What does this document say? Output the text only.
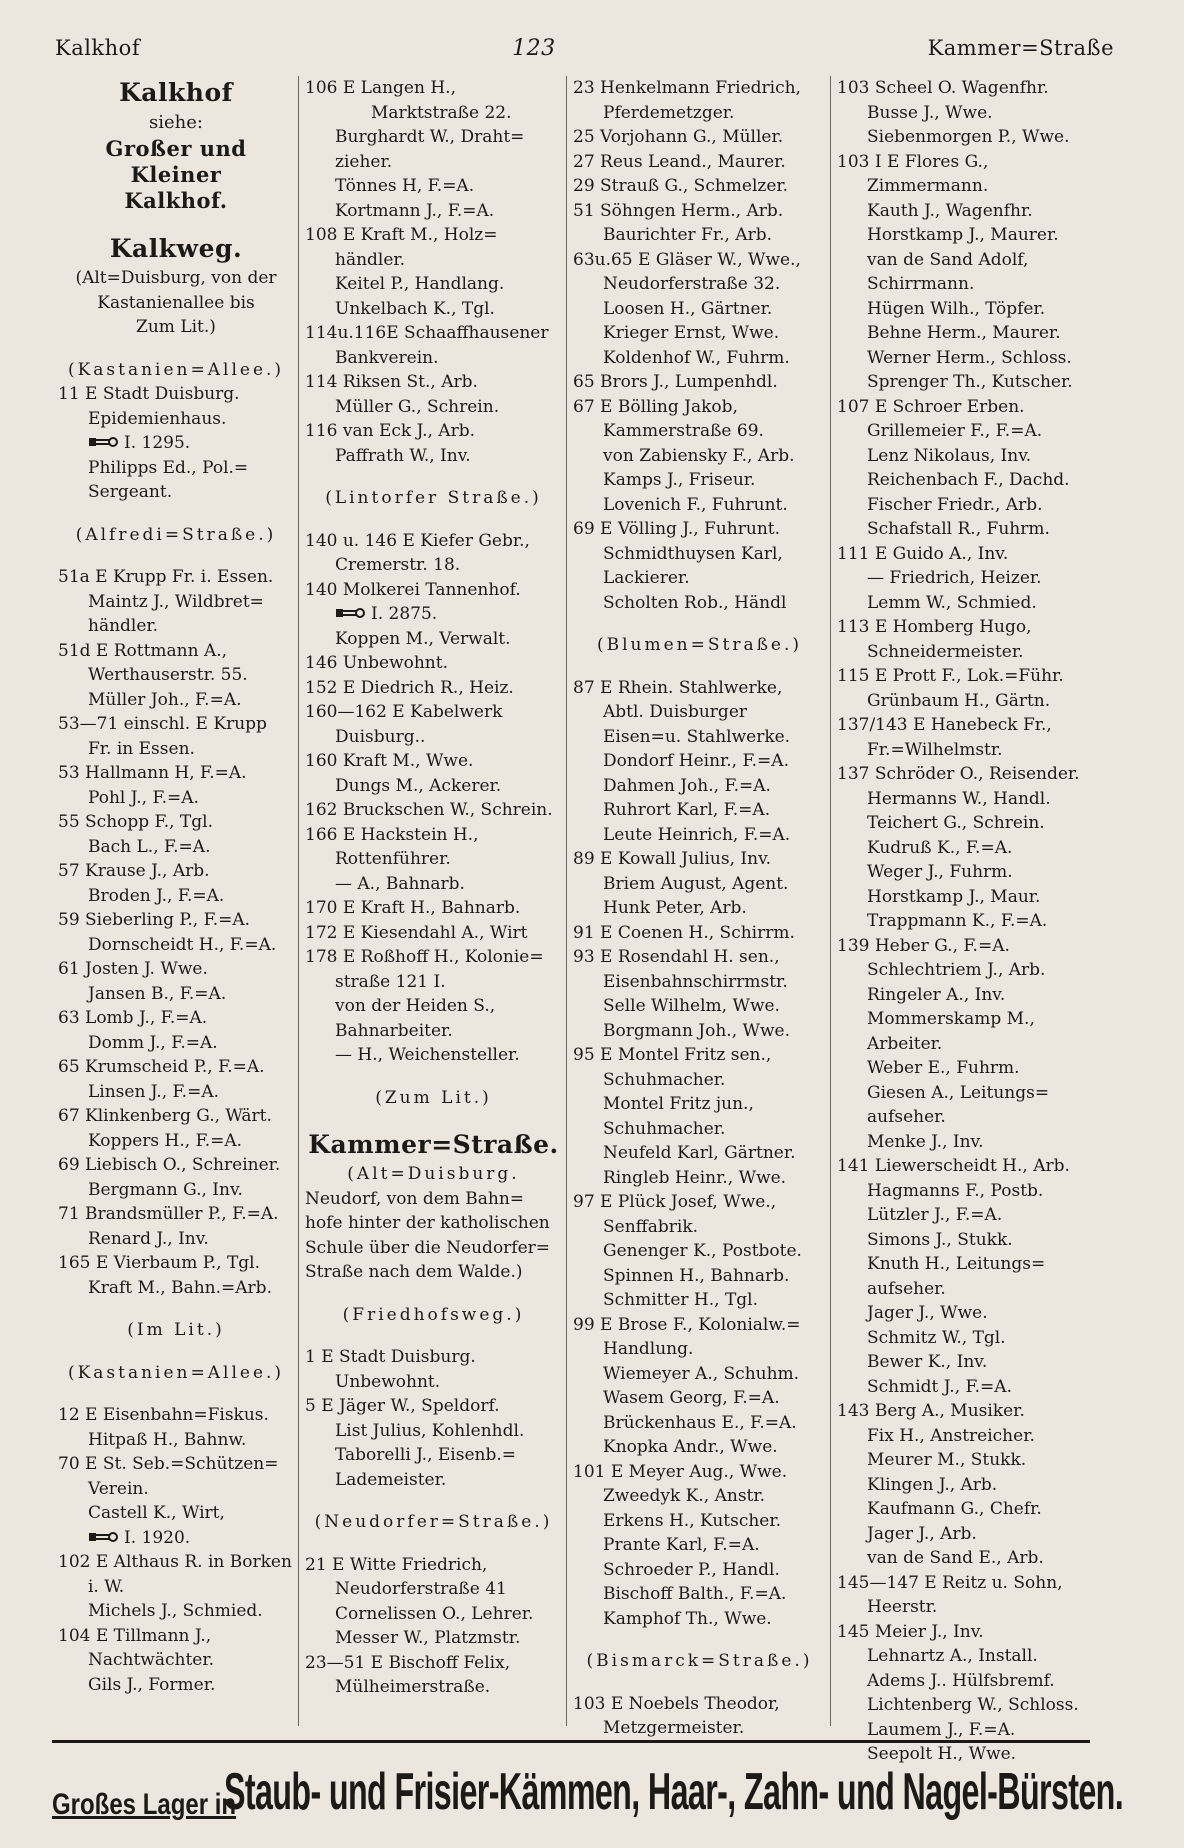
Kalkhof	123	Kammer=Straße
Kalkhof
siehe:
Großer und Kleiner
Kalkhof.
Kalkweg.
(Alt=Duisburg, von der
Kastanienallee bis
Zum Lit.)
(Kastanien=Allee.)
11 E Stadt Duisburg.
Epidemienhaus.
I. 1295.
Philipps Ed., Pol.=
Sergeant.
(Alfredi=Straße.)
51a E Krupp Fr. i. Essen.
Maintz J., Wildbret=
händler.
51d E Rottmann A.,
Werthauserstr. 55.
Müller Joh., F.=A.
53—71 einschl. E Krupp
Fr. in Essen.
53 Hallmann H, F.=A.
Pohl J., F.=A.
55 Schopp F., Tgl.
Bach L., F.=A.
57 Krause J., Arb.
Broden J., F.=A.
59 Sieberling P., F.=A.
Dornscheidt H., F.=A.
61 Josten J. Wwe.
Jansen B., F.=A.
63 Lomb J., F.=A.
Domm J., F.=A.
65 Krumscheid P., F.=A.
Linsen J., F.=A.
67 Klinkenberg G., Wärt.
Koppers H., F.=A.
69 Liebisch O., Schreiner.
Bergmann G., Inv.
71 Brandsmüller P., F.=A.
Renard J., Inv.
165 E Vierbaum P., Tgl.
Kraft M., Bahn.=Arb.
(Im Lit.)
(Kastanien=Allee.)
12 E Eisenbahn=Fiskus.
Hitpaß H., Bahnw.
70 E St. Seb.=Schützen=
Verein.
Castell K., Wirt,
I. 1920.
102 E Althaus R. in Borken
i. W.
Michels J., Schmied.
104 E Tillmann J.,
Nachtwächter.
Gils J., Former.
106 E Langen H.,
Marktstraße 22.
Burghardt W., Draht=
zieher.
Tönnes H, F.=A.
Kortmann J., F.=A.
108 E Kraft M., Holz=
händler.
Keitel P., Handlang.
Unkelbach K., Tgl.
114u.116E Schaaffhausener
Bankverein.
114 Riksen St., Arb.
Müller G., Schrein.
116 van Eck J., Arb.
Paffrath W., Inv.
(Lintorfer Straße.)
140 u. 146 E Kiefer Gebr.,
Cremerstr. 18.
140 Molkerei Tannenhof.
I. 2875.
Koppen M., Verwalt.
146 Unbewohnt.
152 E Diedrich R., Heiz.
160—162 E Kabelwerk
Duisburg..
160 Kraft M., Wwe.
Dungs M., Ackerer.
162 Bruckschen W., Schrein.
166 E Hackstein H.,
Rottenführer.
— A., Bahnarb.
170 E Kraft H., Bahnarb.
172 E Kiesendahl A., Wirt
178 E Roßhoff H., Kolonie=
straße 121 I.
von der Heiden S.,
Bahnarbeiter.
— H., Weichensteller.
(Zum Lit.)
Kammer=Straße.
(Alt=Duisburg.
Neudorf, von dem Bahn=
hofe hinter der katholischen
Schule über die Neudorfer=
Straße nach dem Walde.)
(Friedhofsweg.)
1 E Stadt Duisburg.
Unbewohnt.
5 E Jäger W., Speldorf.
List Julius, Kohlenhdl.
Taborelli J., Eisenb.=
Lademeister.
(Neudorfer=Straße.)
21 E Witte Friedrich,
Neudorferstraße 41
Cornelissen O., Lehrer.
Messer W., Platzmstr.
23—51 E Bischoff Felix,
Mülheimerstraße.
23 Henkelmann Friedrich,
Pferdemetzger.
25 Vorjohann G., Müller.
27 Reus Leand., Maurer.
29 Strauß G., Schmelzer.
51 Söhngen Herm., Arb.
Baurichter Fr., Arb.
63u.65 E Gläser W., Wwe.,
Neudorferstraße 32.
Loosen H., Gärtner.
Krieger Ernst, Wwe.
Koldenhof W., Fuhrm.
65 Brors J., Lumpenhdl.
67 E Bölling Jakob,
Kammerstraße 69.
von Zabiensky F., Arb.
Kamps J., Friseur.
Lovenich F., Fuhrunt.
69 E Völling J., Fuhrunt.
Schmidthuysen Karl,
Lackierer.
Scholten Rob., Händl
(Blumen=Straße.)
87 E Rhein. Stahlwerke,
Abtl. Duisburger
Eisen=u. Stahlwerke.
Dondorf Heinr., F.=A.
Dahmen Joh., F.=A.
Ruhrort Karl, F.=A.
Leute Heinrich, F.=A.
89 E Kowall Julius, Inv.
Briem August, Agent.
Hunk Peter, Arb.
91 E Coenen H., Schirrm.
93 E Rosendahl H. sen.,
Eisenbahnschirrmstr.
Selle Wilhelm, Wwe.
Borgmann Joh., Wwe.
95 E Montel Fritz sen.,
Schuhmacher.
Montel Fritz jun.,
Schuhmacher.
Neufeld Karl, Gärtner.
Ringleb Heinr., Wwe.
97 E Plück Josef, Wwe.,
Senffabrik.
Genenger K., Postbote.
Spinnen H., Bahnarb.
Schmitter H., Tgl.
99 E Brose F., Kolonialw.=
Handlung.
Wiemeyer A., Schuhm.
Wasem Georg, F.=A.
Brückenhaus E., F.=A.
Knopka Andr., Wwe.
101 E Meyer Aug., Wwe.
Zweedyk K., Anstr.
Erkens H., Kutscher.
Prante Karl, F.=A.
Schroeder P., Handl.
Bischoff Balth., F.=A.
Kamphof Th., Wwe.
(Bismarck=Straße.)
103 E Noebels Theodor,
Metzgermeister.
103 Scheel O. Wagenfhr.
Busse J., Wwe.
Siebenmorgen P., Wwe.
103 I E Flores G.,
Zimmermann.
Kauth J., Wagenfhr.
Horstkamp J., Maurer.
van de Sand Adolf,
Schirrmann.
Hügen Wilh., Töpfer.
Behne Herm., Maurer.
Werner Herm., Schloss.
Sprenger Th., Kutscher.
107 E Schroer Erben.
Grillemeier F., F.=A.
Lenz Nikolaus, Inv.
Reichenbach F., Dachd.
Fischer Friedr., Arb.
Schafstall R., Fuhrm.
111 E Guido A., Inv.
— Friedrich, Heizer.
Lemm W., Schmied.
113 E Homberg Hugo,
Schneidermeister.
115 E Prott F., Lok.=Führ.
Grünbaum H., Gärtn.
137/143 E Hanebeck Fr.,
Fr.=Wilhelmstr.
137 Schröder O., Reisender.
Hermanns W., Handl.
Teichert G., Schrein.
Kudruß K., F.=A.
Weger J., Fuhrm.
Horstkamp J., Maur.
Trappmann K., F.=A.
139 Heber G., F.=A.
Schlechtriem J., Arb.
Ringeler A., Inv.
Mommerskamp M.,
Arbeiter.
Weber E., Fuhrm.
Giesen A., Leitungs=
aufseher.
Menke J., Inv.
141 Liewerscheidt H., Arb.
Hagmanns F., Postb.
Lützler J., F.=A.
Simons J., Stukk.
Knuth H., Leitungs=
aufseher.
Jager J., Wwe.
Schmitz W., Tgl.
Bewer K., Inv.
Schmidt J., F.=A.
143 Berg A., Musiker.
Fix H., Anstreicher.
Meurer M., Stukk.
Klingen J., Arb.
Kaufmann G., Chefr.
Jager J., Arb.
van de Sand E., Arb.
145—147 E Reitz u. Sohn,
Heerstr.
145 Meier J., Inv.
Lehnartz A., Install.
Adems J.. Hülfsbremf.
Lichtenberg W., Schloss.
Laumem J., F.=A.
Seepolt H., Wwe.
Großes Lager in
Staub- und Frisier-Kämmen, Haar-, Zahn- und Nagel-Bürsten.
